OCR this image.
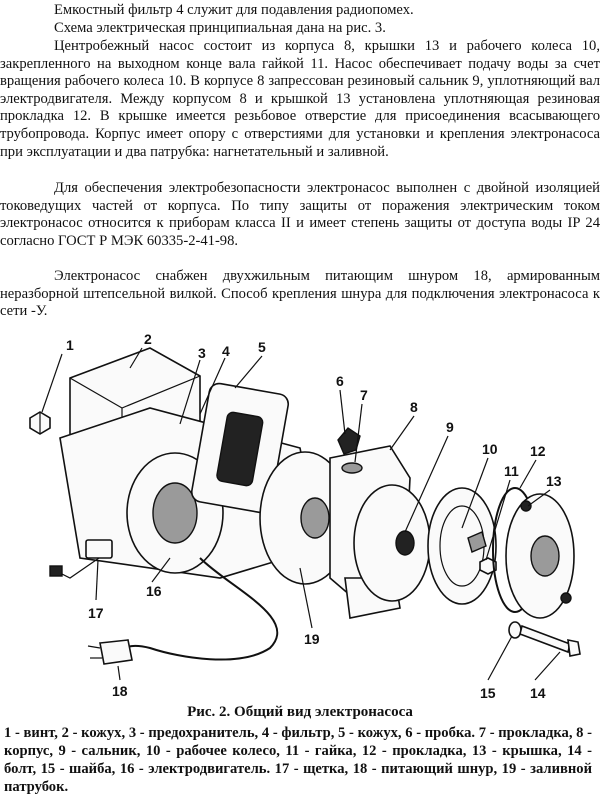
Емкостный фильтр 4 служит для подавления радиопомех.
Схема электрическая принципиальная дана на рис. 3.
Центробежный насос состоит из корпуса 8, крышки 13 и рабочего колеса 10, закрепленного на выходном конце вала гайкой 11. Насос обеспечивает подачу воды за счет вращения рабочего колеса 10. В корпусе 8 запрессован резиновый сальник 9, уплотняющий вал электродвигателя. Между корпусом 8 и крышкой 13 установлена уплотняющая резиновая прокладка 12. В крышке имеется резьбовое отверстие для присоединения всасывающего трубопровода. Корпус имеет опору с отверстиями для установки и крепления электронасоса при эксплуатации и два патрубка: нагнетательный и заливной.
Для обеспечения электробезопасности электронасос выполнен с двойной изоляцией токоведущих частей от корпуса. По типу защиты от поражения электрическим током электронасос относится к приборам класса II и имеет степень защиты от доступа воды IP 24 согласно ГОСТ Р МЭК 60335-2-41-98.
Электронасос снабжен двухжильным питающим шнуром 18, армированным неразборной штепсельной вилкой. Способ крепления шнура для подключения электронасоса к сети -У.
1	2
3 4 5
6
7
8
9
10
11
12
13
14
15
16
17
18
19
Рис. 2. Общий вид электронасоса
1 - винт, 2 - кожух, 3 - предохранитель, 4 - фильтр, 5 - кожух, 6 - пробка. 7 - прокладка, 8 - корпус, 9 - сальник, 10 - рабочее колесо, 11 - гайка, 12 - прокладка, 13 - крышка, 14 - болт, 15 - шайба, 16 - электродвигатель. 17 - щетка, 18 - питающий шнур, 19 - заливной патрубок.
